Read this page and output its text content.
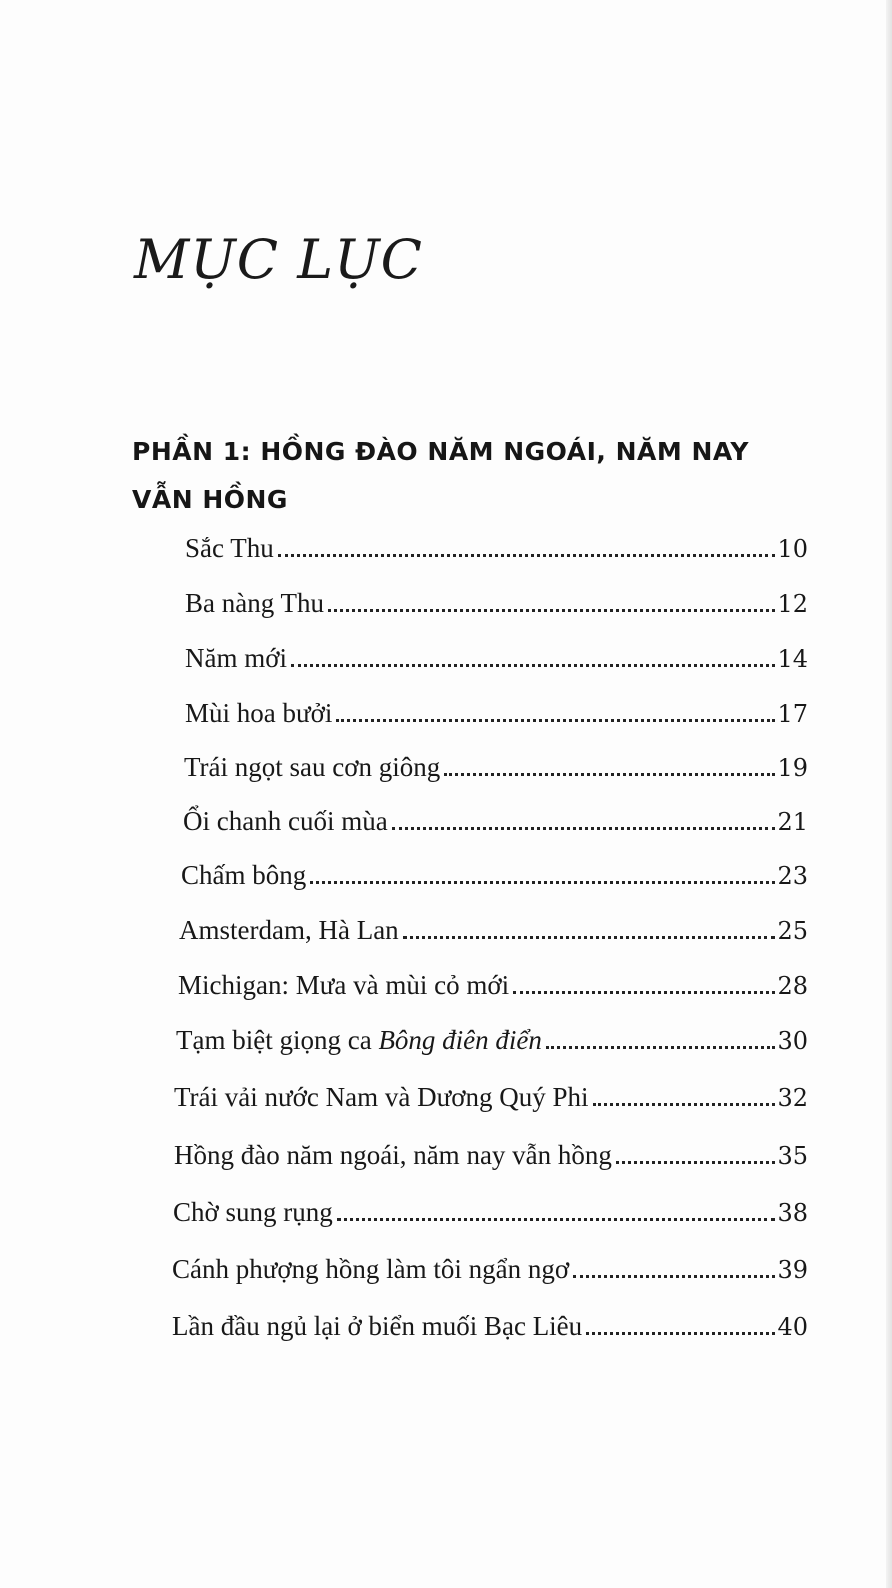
MỤC LỤC
PHẦN 1: HỒNG ĐÀO NĂM NGOÁI, NĂM NAY VẪN HỒNG
Sắc Thu	10
Ba nàng Thu	12
Năm mới	14
Mùi hoa bưởi	17
Trái ngọt sau cơn giông	19
Ổi chanh cuối mùa	21
Chấm bông	23
Amsterdam, Hà Lan	25
Michigan: Mưa và mùi cỏ mới	28
Tạm biệt giọng ca Bông điên điển	30
Trái vải nước Nam và Dương Quý Phi	32
Hồng đào năm ngoái, năm nay vẫn hồng	35
Chờ sung rụng	38
Cánh phượng hồng làm tôi ngẩn ngơ	39
Lần đầu ngủ lại ở biển muối Bạc Liêu	40
